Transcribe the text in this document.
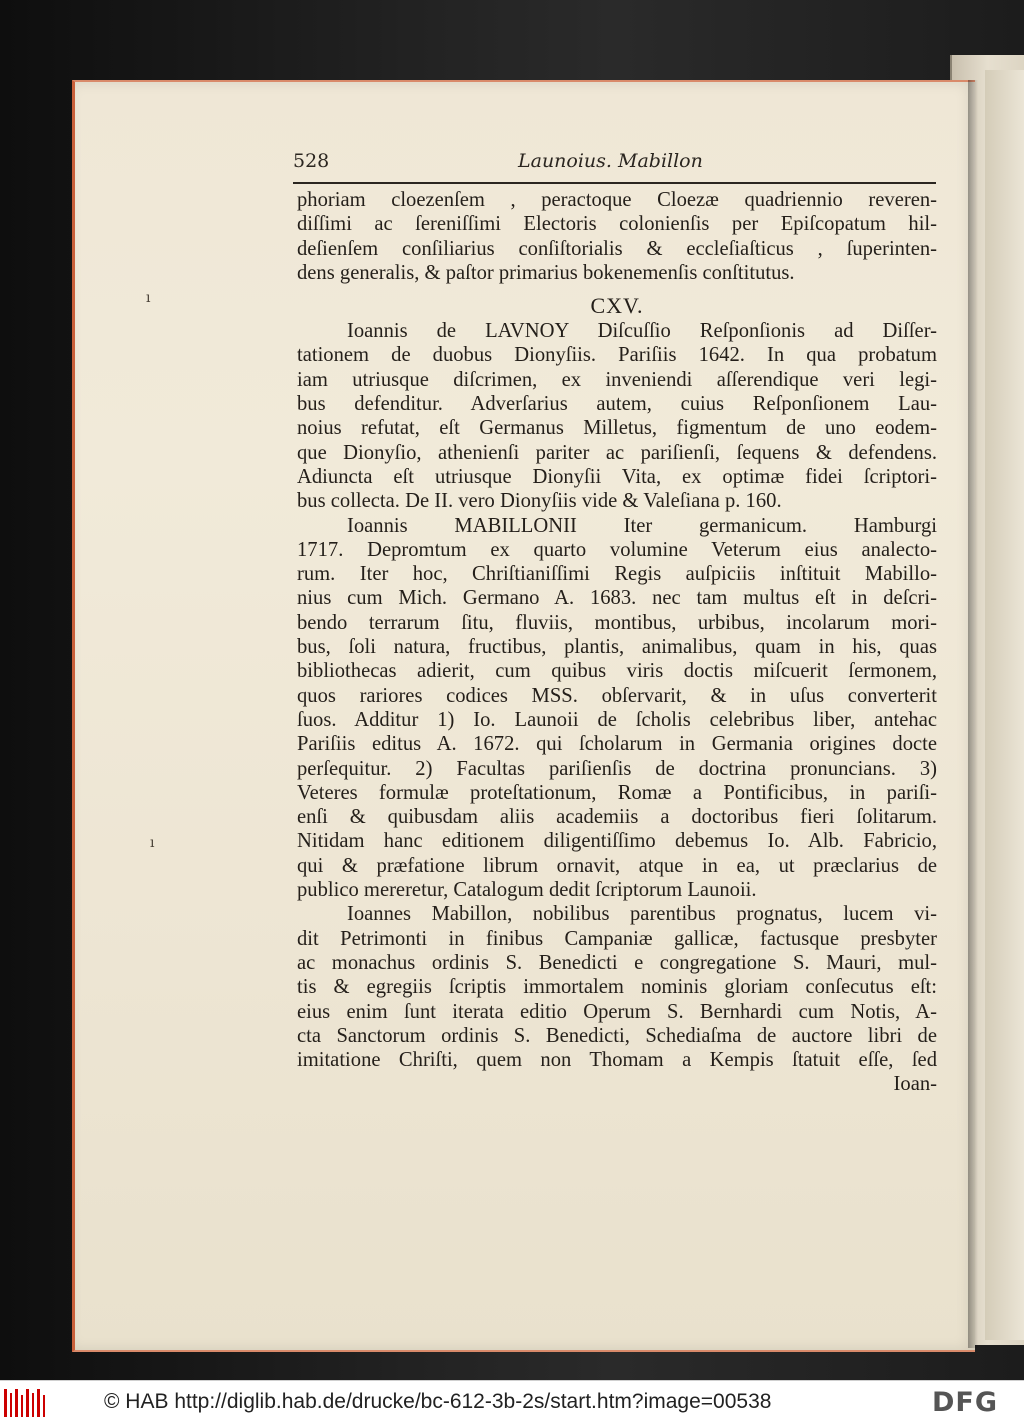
528	Launoius. Mabillon
phoriam cloezenſem , peractoque Cloezæ quadriennio reveren-
diſſimi ac ſereniſſimi Electoris colonienſis per Epiſcopatum hil-
deſienſem conſiliarius conſiſtorialis & eccleſiaſticus , ſuperinten-
dens generalis, & paſtor primarius bokenemenſis conſtitutus.
CXV.
Ioannis de LAVNOY Diſcuſſio Reſponſionis ad Diſſer-
tationem de duobus Dionyſiis. Pariſiis 1642. In qua probatum
iam utriusque diſcrimen, ex inveniendi aſſerendique veri legi-
bus defenditur. Adverſarius autem, cuius Reſponſionem Lau-
noius refutat, eſt Germanus Milletus, figmentum de uno eodem-
que Dionyſio, athenienſi pariter ac pariſienſi, ſequens & defendens.
Adiuncta eſt utriusque Dionyſii Vita, ex optimæ fidei ſcriptori-
bus collecta. De II. vero Dionyſiis vide & Valeſiana p. 160.
Ioannis MABILLONII Iter germanicum. Hamburgi
1717. Depromtum ex quarto volumine Veterum eius analecto-
rum. Iter hoc, Chriſtianiſſimi Regis auſpiciis inſtituit Mabillo-
nius cum Mich. Germano A. 1683. nec tam multus eſt in deſcri-
bendo terrarum ſitu, fluviis, montibus, urbibus, incolarum mori-
bus, ſoli natura, fructibus, plantis, animalibus, quam in his, quas
bibliothecas adierit, cum quibus viris doctis miſcuerit ſermonem,
quos rariores codices MSS. obſervarit, & in uſus converterit
ſuos. Additur 1) Io. Launoii de ſcholis celebribus liber, antehac
Pariſiis editus A. 1672. qui ſcholarum in Germania origines docte
perſequitur. 2) Facultas pariſienſis de doctrina pronuncians. 3)
Veteres formulæ proteſtationum, Romæ a Pontificibus, in pariſi-
enſi & quibusdam aliis academiis a doctoribus fieri ſolitarum.
Nitidam hanc editionem diligentiſſimo debemus Io. Alb. Fabricio,
qui & præfatione librum ornavit, atque in ea, ut præclarius de
publico mereretur, Catalogum dedit ſcriptorum Launoii.
Ioannes Mabillon, nobilibus parentibus prognatus, lucem vi-
dit Petrimonti in finibus Campaniæ gallicæ, factusque presbyter
ac monachus ordinis S. Benedicti e congregatione S. Mauri, mul-
tis & egregiis ſcriptis immortalem nominis gloriam conſecutus eſt:
eius enim ſunt iterata editio Operum S. Bernhardi cum Notis, A-
cta Sanctorum ordinis S. Benedicti, Schediaſma de auctore libri de
imitatione Chriſti, quem non Thomam a Kempis ſtatuit eſſe, ſed
Ioan-
ı
ı
© HAB http://diglib.hab.de/drucke/bc-612-3b-2s/start.htm?image=00538	DFG
